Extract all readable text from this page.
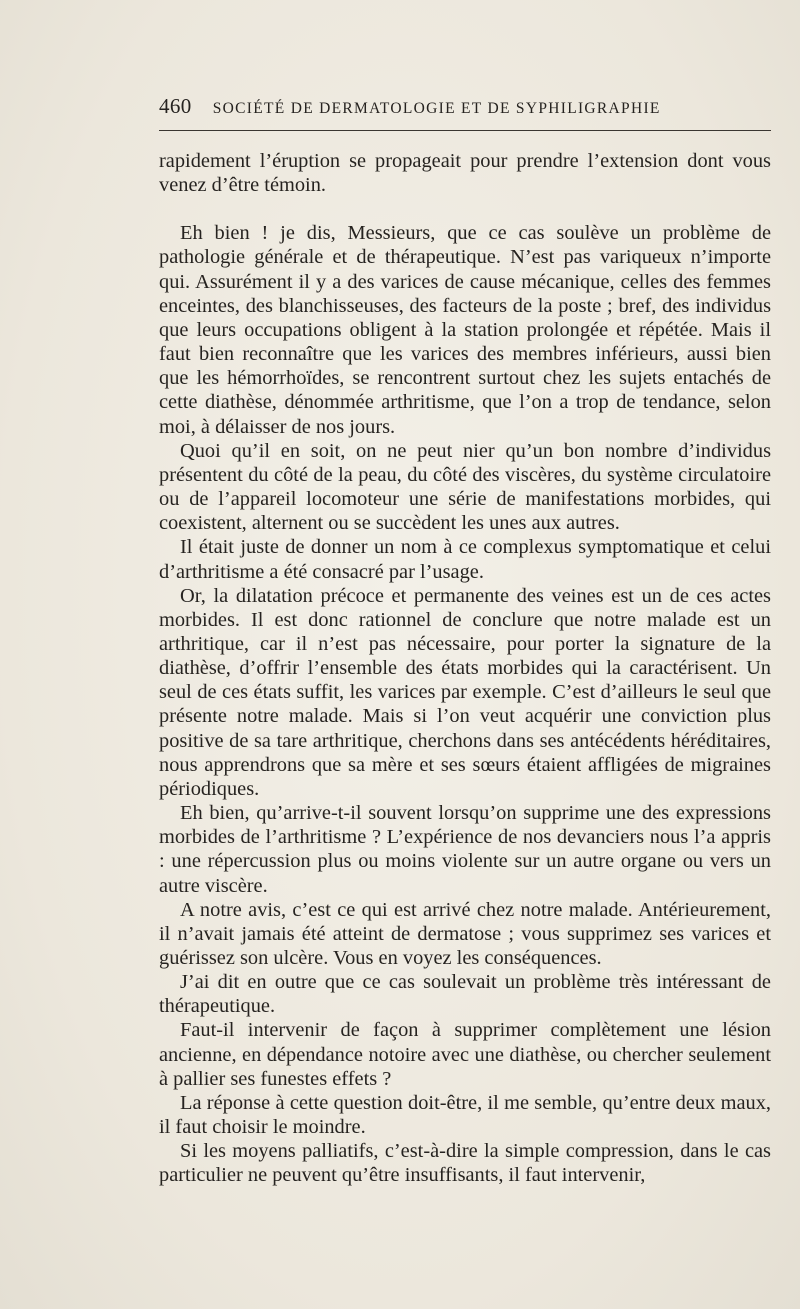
460 SOCIÉTÉ DE DERMATOLOGIE ET DE SYPHILIGRAPHIE

rapidement l’éruption se propageait pour prendre l’extension dont vous venez d’être témoin.

Eh bien ! je dis, Messieurs, que ce cas soulève un problème de pathologie générale et de thérapeutique. N’est pas variqueux n’importe qui. Assurément il y a des varices de cause mécanique, celles des femmes enceintes, des blanchisseuses, des facteurs de la poste ; bref, des individus que leurs occupations obligent à la station prolongée et répétée. Mais il faut bien reconnaître que les varices des membres inférieurs, aussi bien que les hémorrhoïdes, se rencontrent surtout chez les sujets entachés de cette diathèse, dénommée arthritisme, que l’on a trop de tendance, selon moi, à délaisser de nos jours.

Quoi qu’il en soit, on ne peut nier qu’un bon nombre d’individus présentent du côté de la peau, du côté des viscères, du système circulatoire ou de l’appareil locomoteur une série de manifestations morbides, qui coexistent, alternent ou se succèdent les unes aux autres.

Il était juste de donner un nom à ce complexus symptomatique et celui d’arthritisme a été consacré par l’usage.

Or, la dilatation précoce et permanente des veines est un de ces actes morbides. Il est donc rationnel de conclure que notre malade est un arthritique, car il n’est pas nécessaire, pour porter la signature de la diathèse, d’offrir l’ensemble des états morbides qui la caractérisent. Un seul de ces états suffit, les varices par exemple. C’est d’ailleurs le seul que présente notre malade. Mais si l’on veut acquérir une conviction plus positive de sa tare arthritique, cherchons dans ses antécédents héréditaires, nous apprendrons que sa mère et ses sœurs étaient affligées de migraines périodiques.

Eh bien, qu’arrive-t-il souvent lorsqu’on supprime une des expressions morbides de l’arthritisme ? L’expérience de nos devanciers nous l’a appris : une répercussion plus ou moins violente sur un autre organe ou vers un autre viscère.

A notre avis, c’est ce qui est arrivé chez notre malade. Antérieurement, il n’avait jamais été atteint de dermatose ; vous supprimez ses varices et guérissez son ulcère. Vous en voyez les conséquences.

J’ai dit en outre que ce cas soulevait un problème très intéressant de thérapeutique.

Faut-il intervenir de façon à supprimer complètement une lésion ancienne, en dépendance notoire avec une diathèse, ou chercher seulement à pallier ses funestes effets ?

La réponse à cette question doit-être, il me semble, qu’entre deux maux, il faut choisir le moindre.

Si les moyens palliatifs, c’est-à-dire la simple compression, dans le cas particulier ne peuvent qu’être insuffisants, il faut intervenir,
